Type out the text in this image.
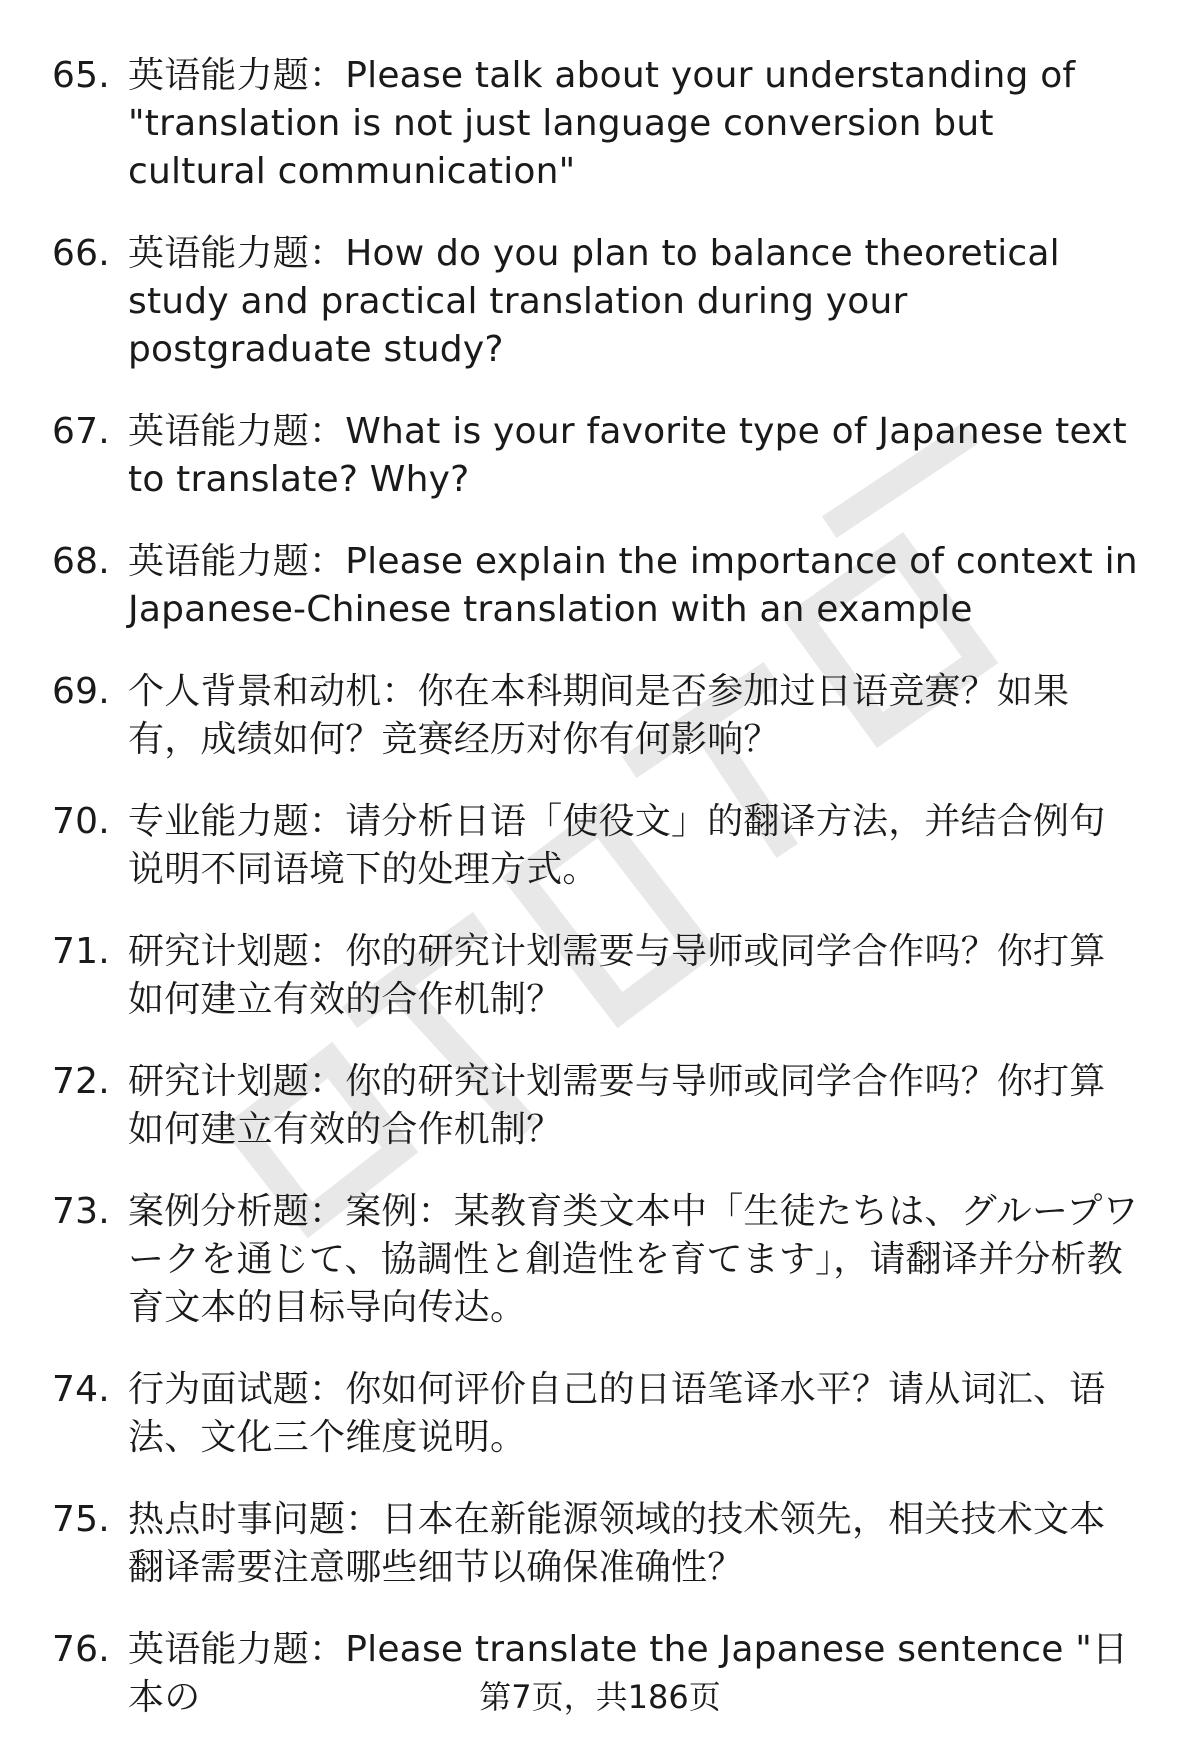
65. 英语能力题：Please talk about your understanding of "translation is not just language conversion but cultural communication"
66. 英语能力题：How do you plan to balance theoretical study and practical translation during your postgraduate study?
67. 英语能力题：What is your favorite type of Japanese text to translate? Why?
68. 英语能力题：Please explain the importance of context in Japanese-Chinese translation with an example
69. 个人背景和动机：你在本科期间是否参加过日语竞赛？如果有，成绩如何？竞赛经历对你有何影响？
70. 专业能力题：请分析日语「使役文」的翻译方法，并结合例句说明不同语境下的处理方式。
71. 研究计划题：你的研究计划需要与导师或同学合作吗？你打算如何建立有效的合作机制？
72. 研究计划题：你的研究计划需要与导师或同学合作吗？你打算如何建立有效的合作机制？
73. 案例分析题：案例：某教育类文本中「生徒たちは、グループワークを通じて、協調性と創造性を育てます」，请翻译并分析教育文本的目标导向传达。
74. 行为面试题：你如何评价自己的日语笔译水平？请从词汇、语法、文化三个维度说明。
75. 热点时事问题：日本在新能源领域的技术领先，相关技术文本翻译需要注意哪些细节以确保准确性？
76. 英语能力题：Please translate the Japanese sentence "日本の	第7页，共186页
